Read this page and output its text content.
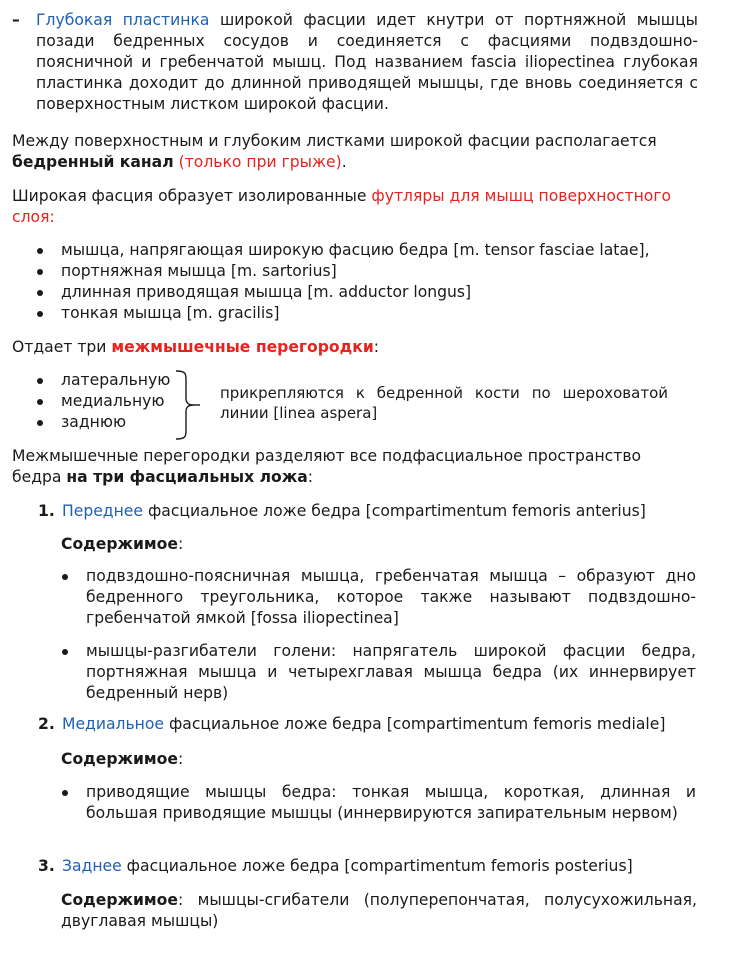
– Глубокая пластинка широкой фасции идет кнутри от портняжной мышцы позади бедренных сосудов и соединяется с фасциями подвздошно- поясничной и гребенчатой мышц. Под названием fascia iliopectinea глубокая пластинка доходит до длинной приводящей мышцы, где вновь соединяется с поверхностным листком широкой фасции.

Между поверхностным и глубоким листками широкой фасции располагается
бедренный канал (только при грыже).

Широкая фасция образует изолированные футляры для мышц поверхностного
слоя:

мышца, напрягающая широкую фасцию бедра [m. tensor fasciae latae],
портняжная мышца [m. sartorius]
длинная приводящая мышца [m. adductor longus]
тонкая мышца [m. gracilis]

Отдает три межмышечные перегородки:

латеральную
медиальную
заднюю
прикрепляются к бедренной кости по шероховатой линии [linea aspera]

Межмышечные перегородки разделяют все подфасциальное пространство
бедра на три фасциальных ложа:

1. Переднее фасциальное ложе бедра [compartimentum femoris anterius]
Содержимое:
подвздошно-поясничная мышца, гребенчатая мышца – образуют дно бедренного треугольника, которое также называют подвздошно-гребенчатой ямкой [fossa iliopectinea]
мышцы-разгибатели голени: напрягатель широкой фасции бедра, портняжная мышца и четырехглавая мышца бедра (их иннервирует бедренный нерв)
2. Медиальное фасциальное ложе бедра [compartimentum femoris mediale]
Содержимое:
приводящие мышцы бедра: тонкая мышца, короткая, длинная и большая приводящие мышцы (иннервируются запирательным нервом)
3. Заднее фасциальное ложе бедра [compartimentum femoris posterius]

Содержимое: мышцы-сгибатели (полуперепончатая, полусухожильная, двуглавая мышцы)
